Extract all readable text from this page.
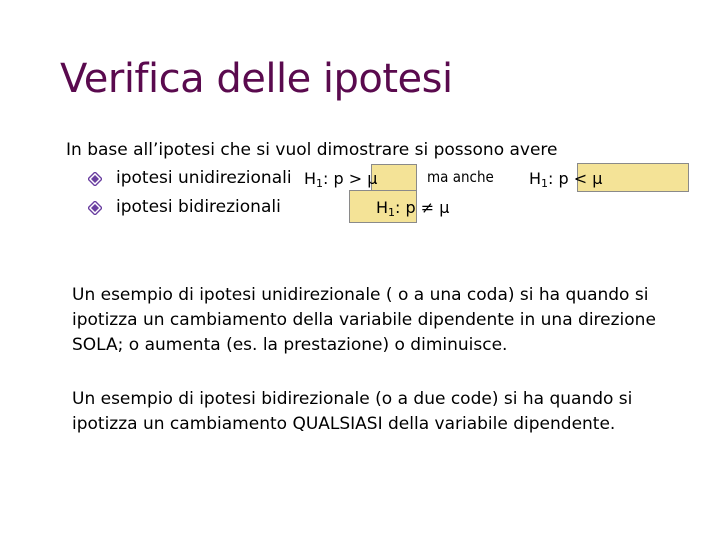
Verifica delle ipotesi
In base all’ipotesi che si vuol dimostrare si possono avere
ipotesi unidirezionali
ipotesi bidirezionali
$H_1$: p > μ	ma anche $H_1$: p < μ
$H_1$: p ≠ μ

Un esempio di ipotesi unidirezionale ( o a una coda) si ha quando si ipotizza un cambiamento della variabile dipendente in una direzione SOLA; o aumenta (es. la prestazione) o diminuisce.

Un esempio di ipotesi bidirezionale (o a due code) si ha quando si ipotizza un cambiamento QUALSIASI della variabile dipendente.
